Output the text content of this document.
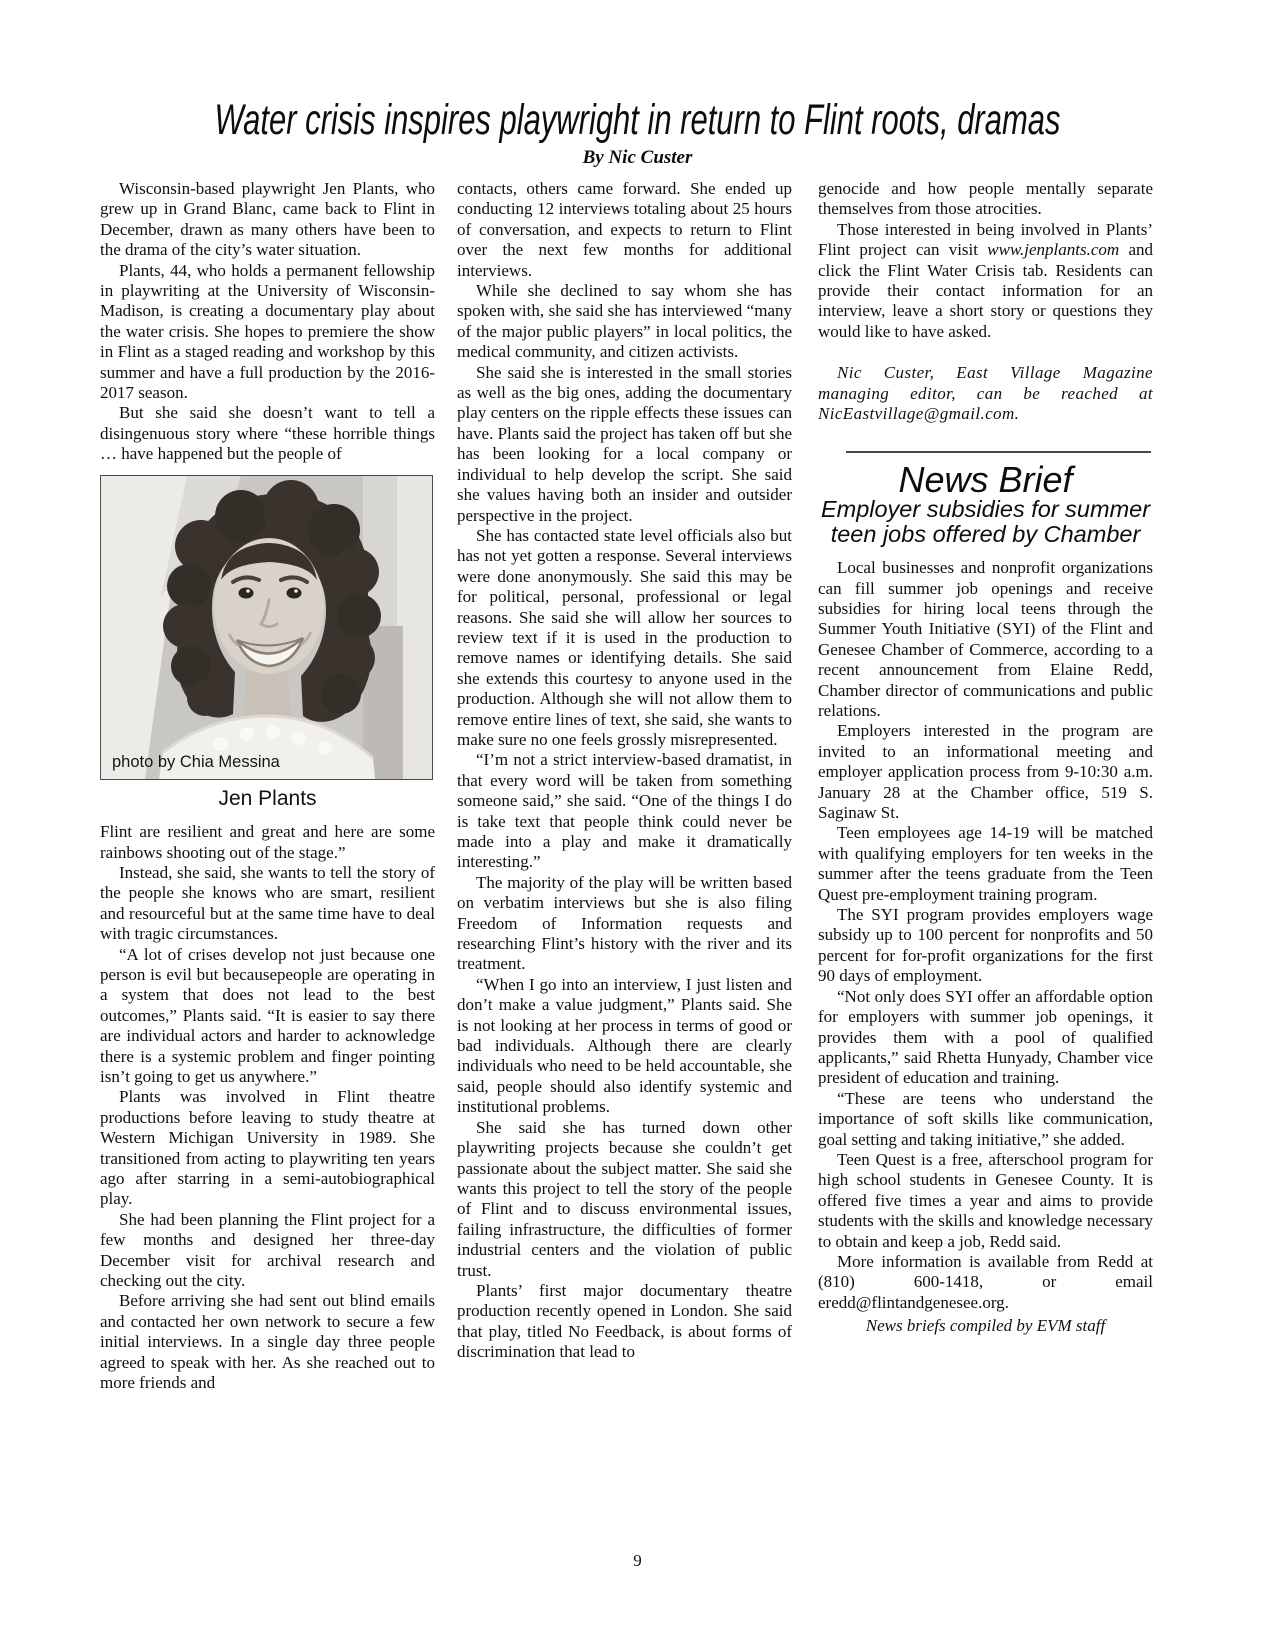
Water crisis inspires playwright in return to Flint roots, dramas
By Nic Custer

Wisconsin-based playwright Jen Plants, who grew up in Grand Blanc, came back to Flint in December, drawn as many others have been to the drama of the city’s water situation.

Plants, 44, who holds a permanent fellowship in playwriting at the University of Wisconsin-Madison, is creating a documentary play about the water crisis. She hopes to premiere the show in Flint as a staged reading and workshop by this summer and have a full production by the 2016-2017 season.

But she said she doesn’t want to tell a disingenuous story where “these horrible things … have happened but the people of

photo by Chia Messina
Jen Plants

Flint are resilient and great and here are some rainbows shooting out of the stage.”

Instead, she said, she wants to tell the story of the people she knows who are smart, resilient and resourceful but at the same time have to deal with tragic circumstances.

“A lot of crises develop not just because one person is evil but becausepeople are operating in a system that does not lead to the best outcomes,” Plants said. “It is easier to say there are individual actors and harder to acknowledge there is a systemic problem and finger pointing isn’t going to get us anywhere.”

Plants was involved in Flint theatre productions before leaving to study theatre at Western Michigan University in 1989. She transitioned from acting to playwriting ten years ago after starring in a semi-autobiographical play.

She had been planning the Flint project for a few months and designed her three-day December visit for archival research and checking out the city.

Before arriving she had sent out blind emails and contacted her own network to secure a few initial interviews. In a single day three people agreed to speak with her. As she reached out to more friends and

contacts, others came forward. She ended up conducting 12 interviews totaling about 25 hours of conversation, and expects to return to Flint over the next few months for additional interviews.

While she declined to say whom she has spoken with, she said she has interviewed “many of the major public players” in local politics, the medical community, and citizen activists.

She said she is interested in the small stories as well as the big ones, adding the documentary play centers on the ripple effects these issues can have. Plants said the project has taken off but she has been looking for a local company or individual to help develop the script. She said she values having both an insider and outsider perspective in the project.

She has contacted state level officials also but has not yet gotten a response. Several interviews were done anonymously. She said this may be for political, personal, professional or legal reasons. She said she will allow her sources to review text if it is used in the production to remove names or identifying details. She said she extends this courtesy to anyone used in the production. Although she will not allow them to remove entire lines of text, she said, she wants to make sure no one feels grossly misrepresented.

“I’m not a strict interview-based dramatist, in that every word will be taken from something someone said,” she said. “One of the things I do is take text that people think could never be made into a play and make it dramatically interesting.”

The majority of the play will be written based on verbatim interviews but she is also filing Freedom of Information requests and researching Flint’s history with the river and its treatment.

“When I go into an interview, I just listen and don’t make a value judgment,” Plants said. She is not looking at her process in terms of good or bad individuals. Although there are clearly individuals who need to be held accountable, she said, people should also identify systemic and institutional problems.

She said she has turned down other playwriting projects because she couldn’t get passionate about the subject matter. She said she wants this project to tell the story of the people of Flint and to discuss environmental issues, failing infrastructure, the difficulties of former industrial centers and the violation of public trust.

Plants’ first major documentary theatre production recently opened in London. She said that play, titled No Feedback, is about forms of discrimination that lead to

genocide and how people mentally separate themselves from those atrocities.

Those interested in being involved in Plants’ Flint project can visit www.jenplants.com and click the Flint Water Crisis tab. Residents can provide their contact information for an interview, leave a short story or questions they would like to have asked.

Nic Custer, East Village Magazine managing editor, can be reached at NicEastvillage@gmail.com.

News Brief
Employer subsidies for summer
teen jobs offered by Chamber

Local businesses and nonprofit organizations can fill summer job openings and receive subsidies for hiring local teens through the Summer Youth Initiative (SYI) of the Flint and Genesee Chamber of Commerce, according to a recent announcement from Elaine Redd, Chamber director of communications and public relations.

Employers interested in the program are invited to an informational meeting and employer application process from 9-10:30 a.m. January 28 at the Chamber office, 519 S. Saginaw St.

Teen employees age 14-19 will be matched with qualifying employers for ten weeks in the summer after the teens graduate from the Teen Quest pre-employment training program.

The SYI program provides employers wage subsidy up to 100 percent for nonprofits and 50 percent for for-profit organizations for the first 90 days of employment.

“Not only does SYI offer an affordable option for employers with summer job openings, it provides them with a pool of qualified applicants,” said Rhetta Hunyady, Chamber vice president of education and training.

“These are teens who understand the importance of soft skills like communication, goal setting and taking initiative,” she added.

Teen Quest is a free, afterschool program for high school students in Genesee County. It is offered five times a year and aims to provide students with the skills and knowledge necessary to obtain and keep a job, Redd said.

More information is available from Redd at (810) 600-1418, or email eredd@flintandgenesee.org.

News briefs compiled by EVM staff

9
